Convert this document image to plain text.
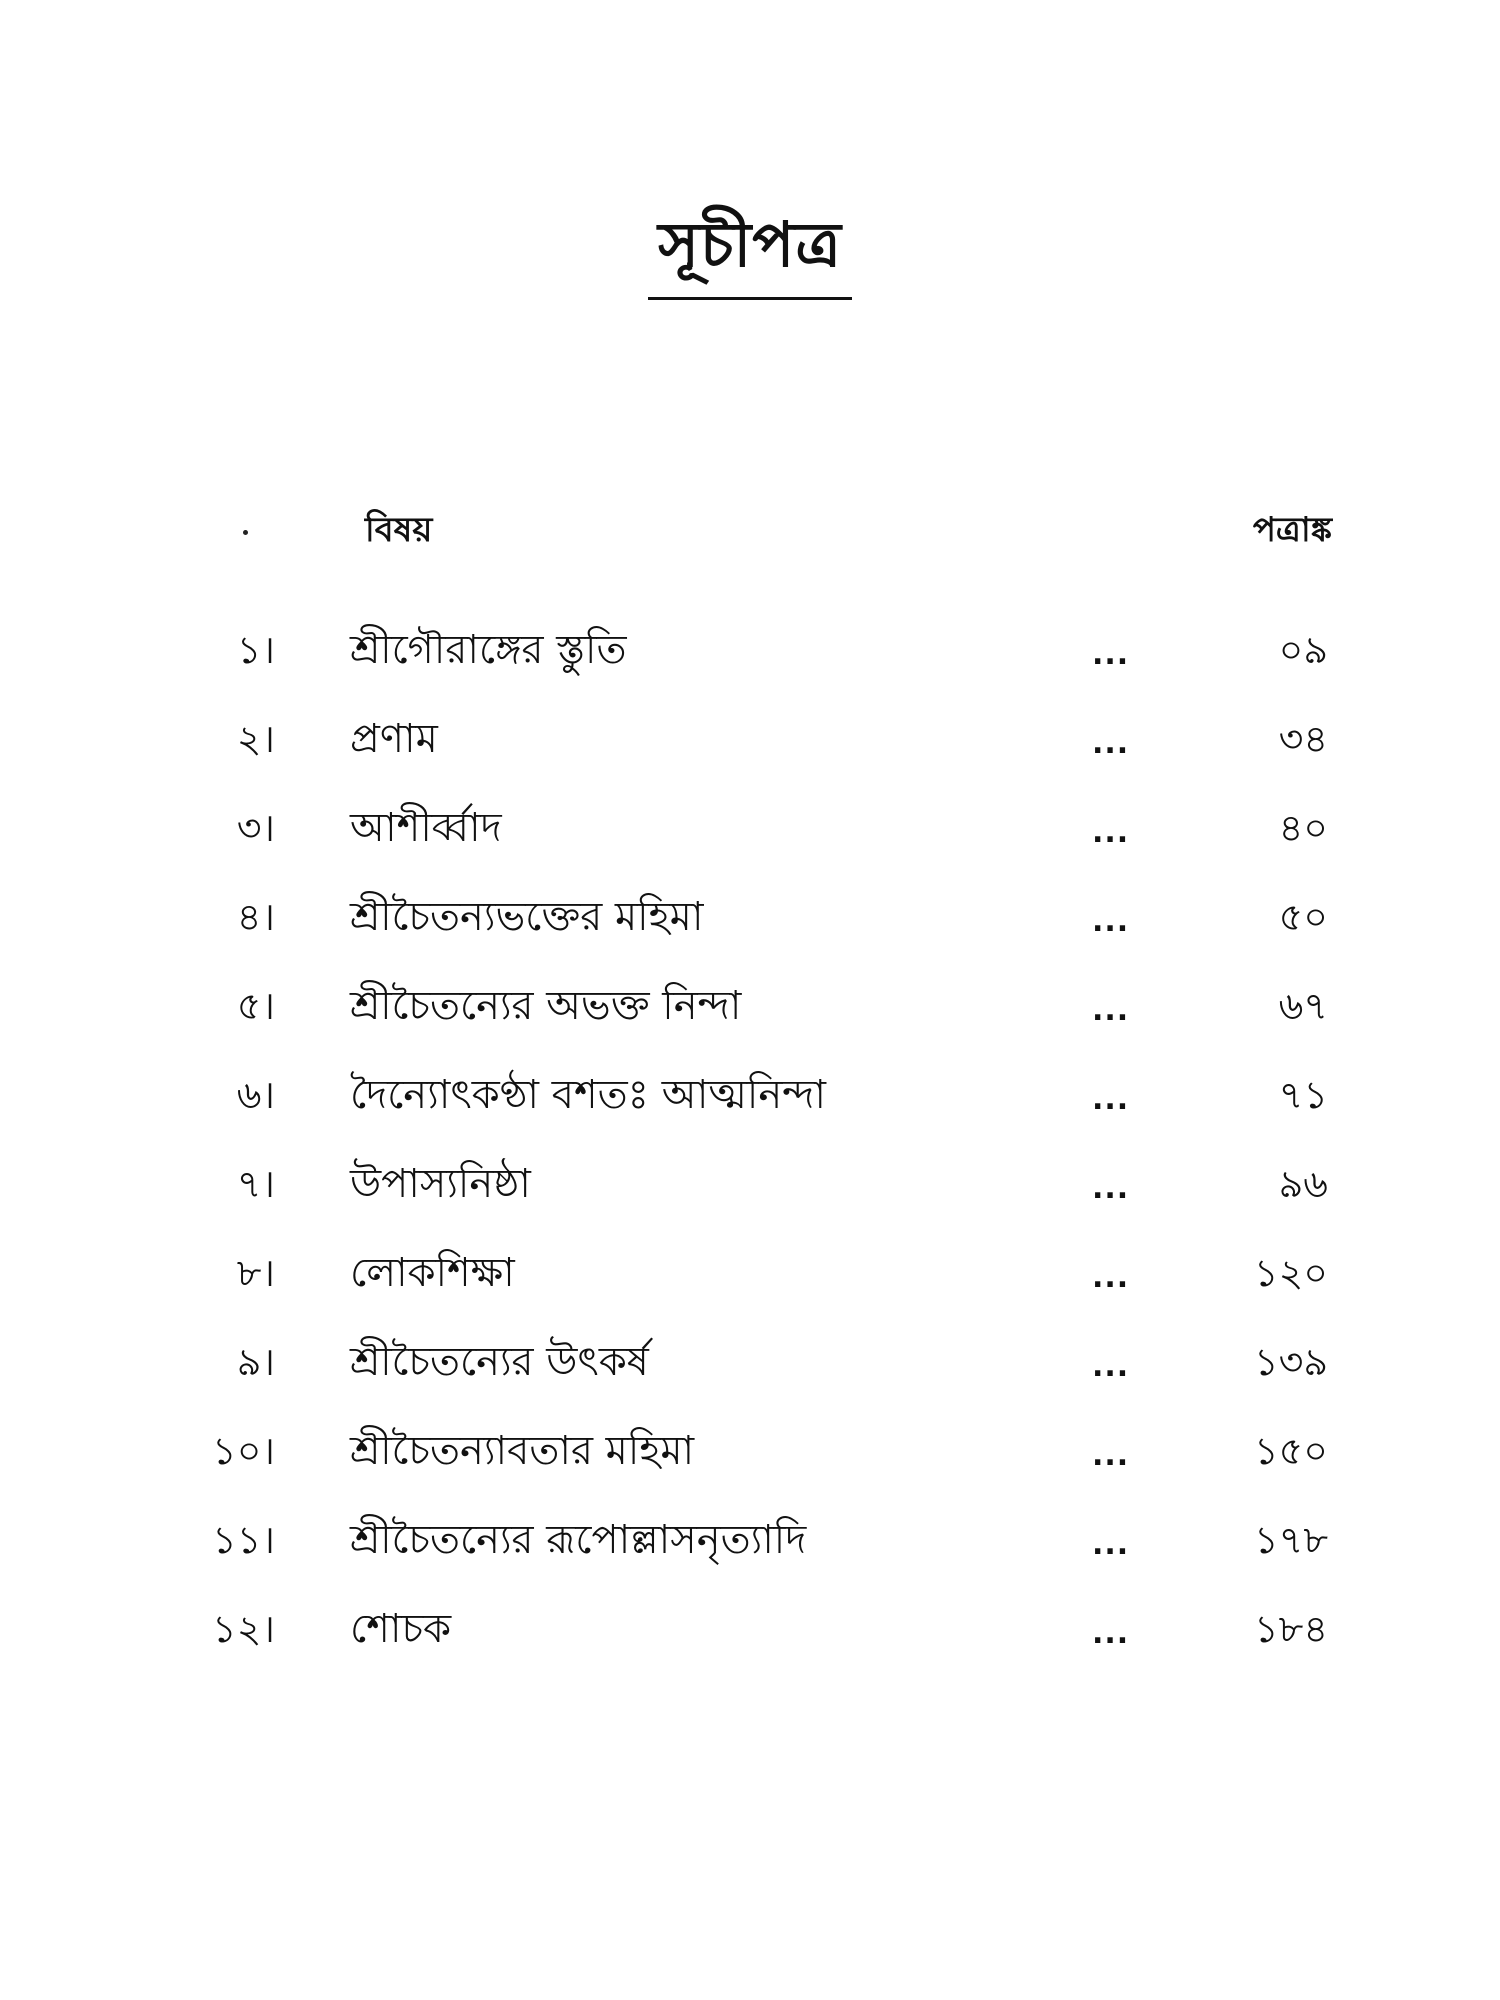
সূচীপত্র
বিষয়	পত্রাঙ্ক
১। শ্রীগৌরাঙ্গের স্তুতি	...	০৯
২। প্রণাম	...	৩৪
৩। আশীর্ব্বাদ	...	৪০
৪। শ্রীচৈতন্যভক্তের মহিমা	...	৫০
৫। শ্রীচৈতন্যের অভক্ত নিন্দা	...	৬৭
৬। দৈন্যোৎকণ্ঠা বশতঃ আত্মনিন্দা	...	৭১
৭। উপাস্যনিষ্ঠা	...	৯৬
৮। লোকশিক্ষা	...	১২০
৯। শ্রীচৈতন্যের উৎকর্ষ	...	১৩৯
১০। শ্রীচৈতন্যাবতার মহিমা	...	১৫০
১১। শ্রীচৈতন্যের রূপোল্লাসনৃত্যাদি	...	১৭৮
১২। শোচক	...	১৮৪
